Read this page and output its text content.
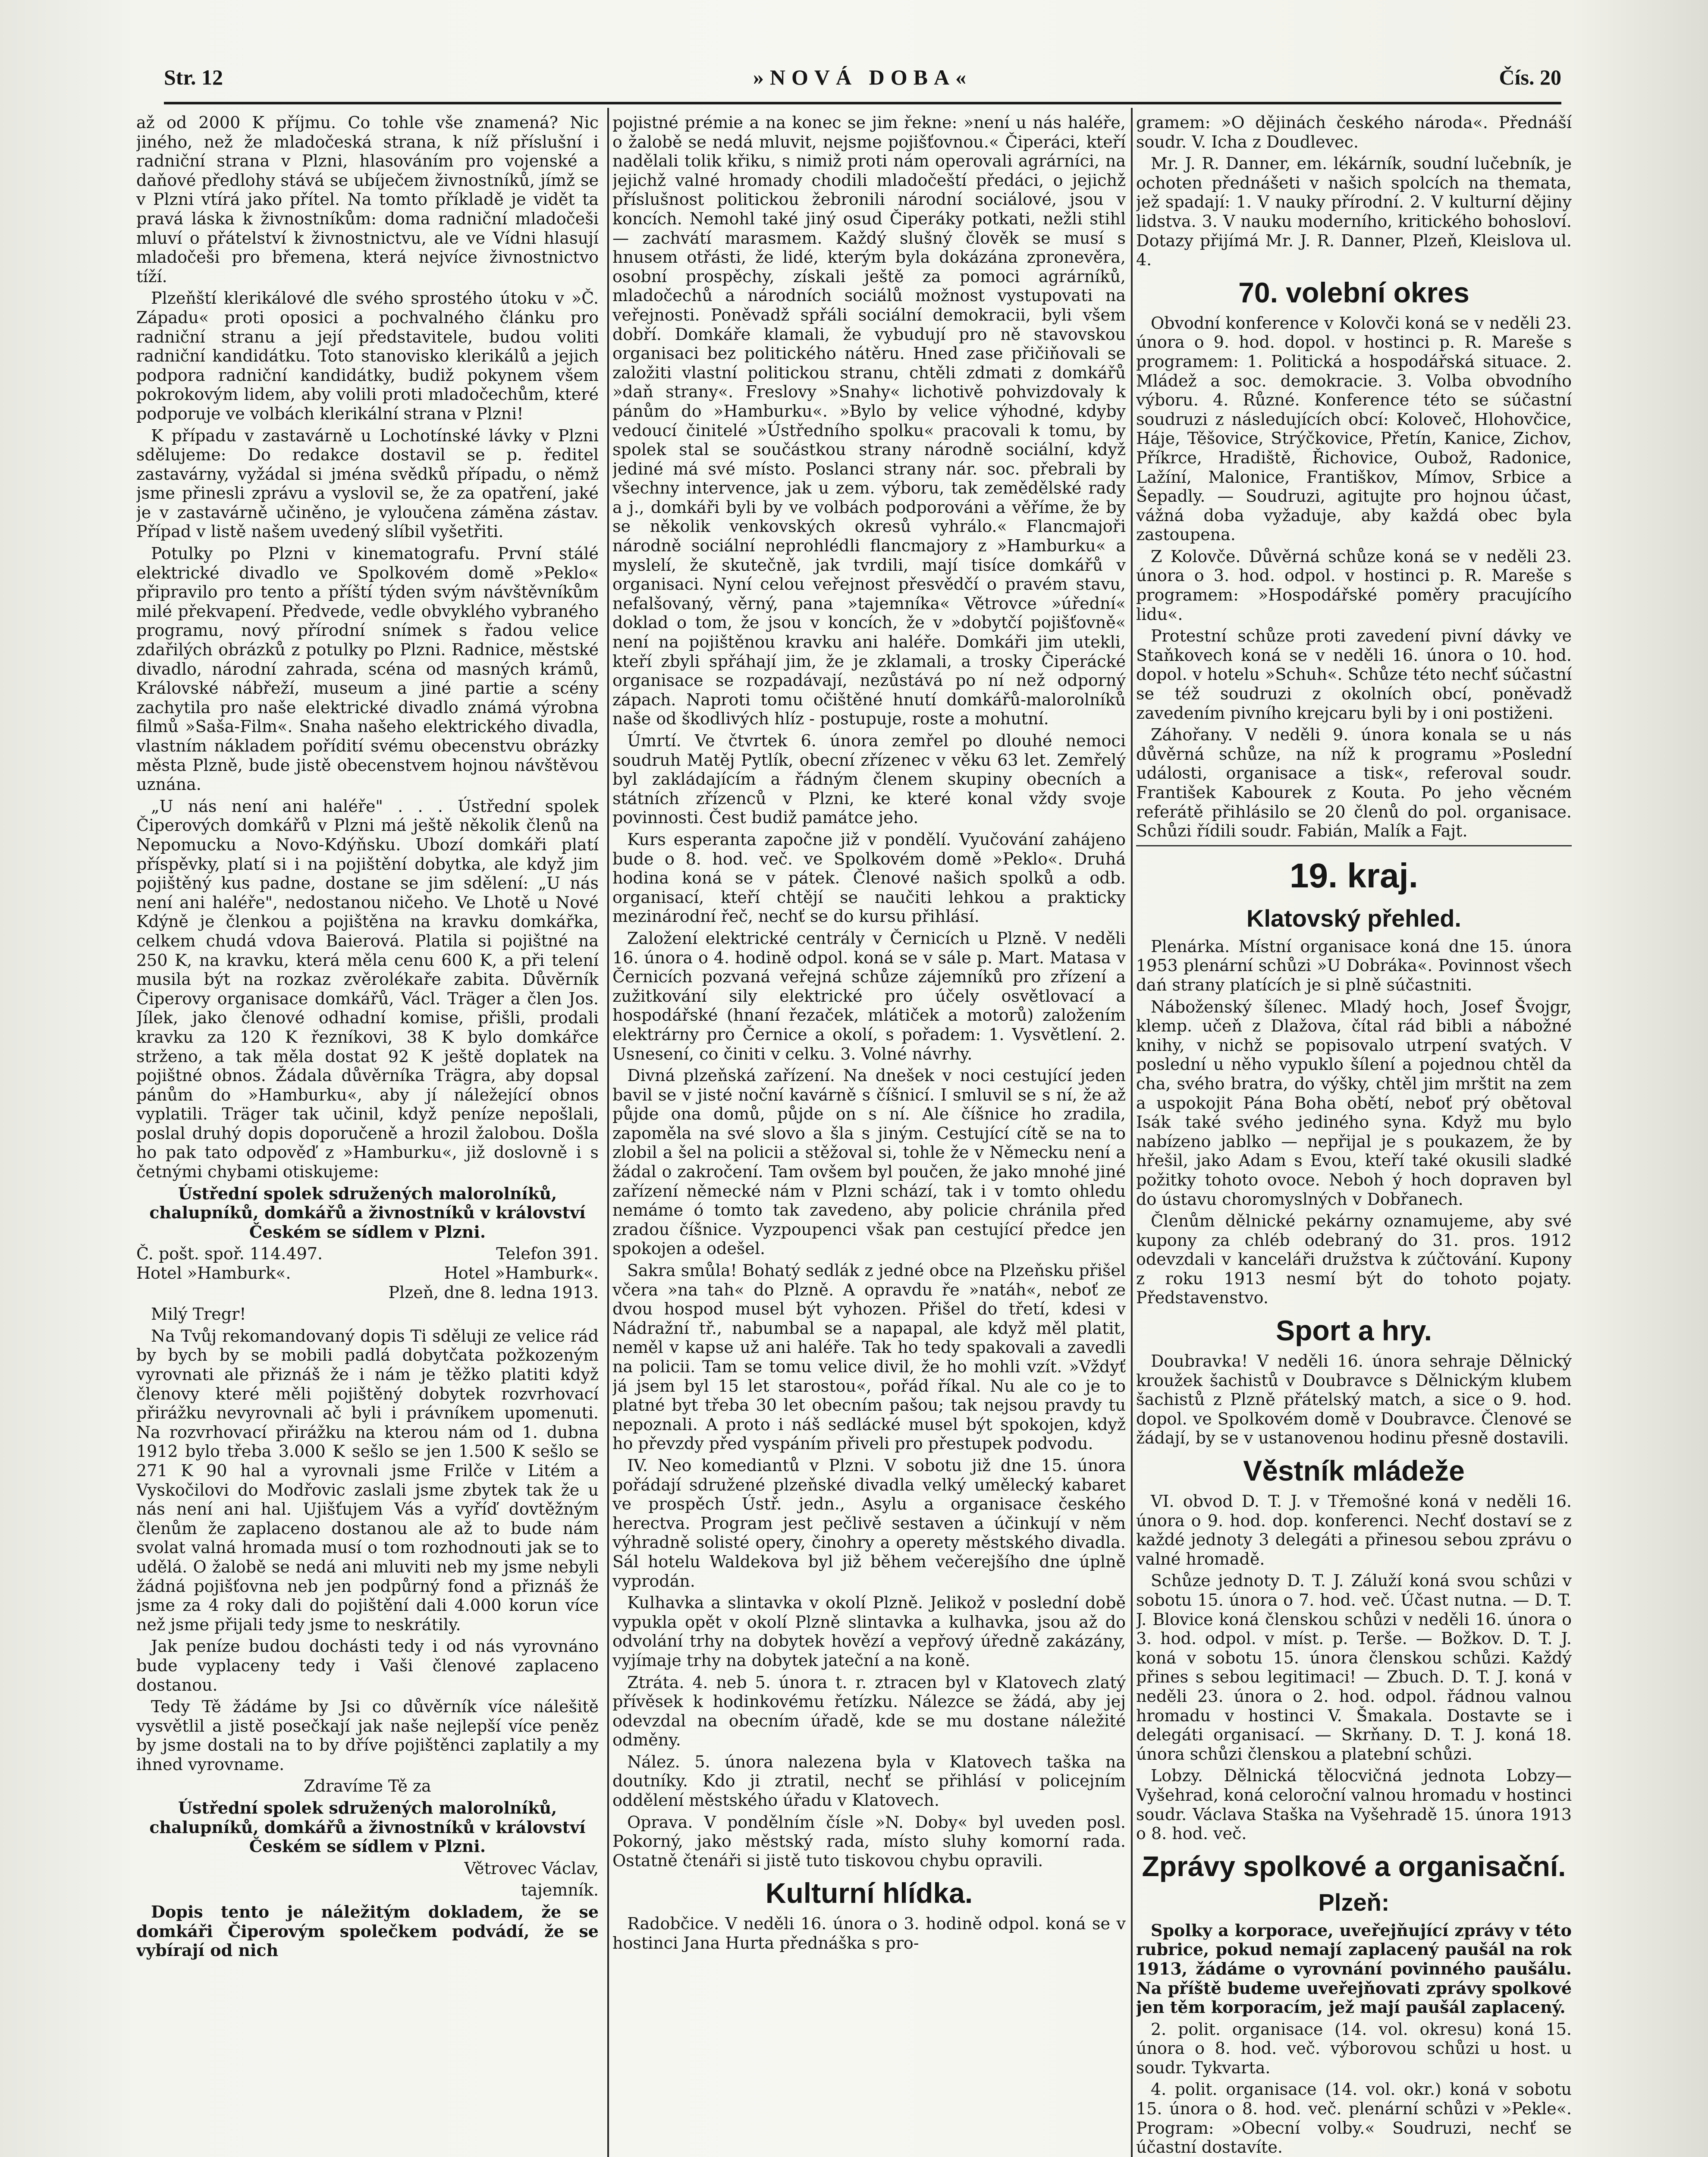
Str. 12	»NOVÁ DOBA«	Čís. 20

až od 2000 K příjmu. Co tohle vše znamená? Nic jiného, než že mladočeská strana, k níž příslušní i radniční strana v Plzni, hlasováním pro vojenské a daňové předlohy stává se ubíječem živnostníků, jímž se v Plzni vtírá jako přítel. Na tomto příkladě je vidět ta pravá láska k živnostníkům: doma radniční mladočeši mluví o přátelství k živnostnictvu, ale ve Vídni hlasují mladočeši pro břemena, která nejvíce živnostnictvo tíží.

Plzeňští klerikálové dle svého sprostého útoku v »Č. Západu« proti oposici a pochvalného článku pro radniční stranu a její představitele, budou voliti radniční kandidátku. Toto stanovisko klerikálů a jejich podpora radniční kandidátky, budiž pokynem všem pokrokovým lidem, aby volili proti mladočechům, které podporuje ve volbách klerikální strana v Plzni!

K případu v zastavárně u Lochotínské lávky v Plzni sdělujeme: Do redakce dostavil se p. ředitel zastavárny, vyžádal si jména svědků případu, o němž jsme přinesli zprávu a vyslovil se, že za opatření, jaké je v zastavárně učiněno, je vyloučena záměna zástav. Případ v listě našem uvedený slíbil vyšetřiti.

Potulky po Plzni v kinematografu. První stálé elektrické divadlo ve Spolkovém domě »Peklo« připravilo pro tento a příští týden svým návštěvníkům milé překvapení. Předvede, vedle obvyklého vybraného programu, nový přírodní snímek s řadou velice zdařilých obrázků z potulky po Plzni. Radnice, městské divadlo, národní zahrada, scéna od masných krámů, Královské nábřeží, museum a jiné partie a scény zachytila pro naše elektrické divadlo známá výrobna filmů »Saša-Film«. Snaha našeho elektrického divadla, vlastním nákladem pořídití svému obecenstvu obrázky města Plzně, bude jistě obecenstvem hojnou návštěvou uznána.

„U nás není ani haléře" . . . Ústřední spolek Čiperových domkářů v Plzni má ještě několik členů na Nepomucku a Novo-Kdýňsku. Ubozí domkáři platí příspěvky, platí si i na pojištění dobytka, ale když jim pojištěný kus padne, dostane se jim sdělení: „U nás není ani haléře", nedostanou ničeho. Ve Lhotě u Nové Kdýně je členkou a pojištěna na kravku domkářka, celkem chudá vdova Baierová. Platila si pojištné na 250 K, na kravku, která měla cenu 600 K, a při telení musila být na rozkaz zvěrolékaře zabita. Důvěrník Čiperovy organisace domkářů, Václ. Träger a člen Jos. Jílek, jako členové odhadní komise, přišli, prodali kravku za 120 K řezníkovi, 38 K bylo domkářce strženo, a tak měla dostat 92 K ještě doplatek na pojištné obnos. Žádala důvěrníka Trägra, aby dopsal pánům do »Hamburku«, aby jí náležející obnos vyplatili. Träger tak učinil, když peníze nepošlali, poslal druhý dopis doporučeně a hrozil žalobou. Došla ho pak tato odpověď z »Hamburku«, již doslovně i s četnými chybami otiskujeme:

Ústřední spolek sdružených malorolníků, chalupníků, domkářů a živnostníků v království Českém se sídlem v Plzni.

Č. pošt. spoř. 114.497.	Telefon 391.
Hotel »Hamburk«.	Hotel »Hamburk«.

Plzeň, dne 8. ledna 1913.

Milý Tregr!

Na Tvůj rekomandovaný dopis Ti sděluji ze velice rád by bych by se mobili padlá dobytčata požkozeným vyrovnati ale přiznáš že i nám je těžko platiti když členovy které měli pojištěný dobytek rozvrhovací přirážku nevyrovnali ač byli i právníkem upomenuti. Na rozvrhovací přirážku na kterou nám od 1. dubna 1912 bylo třeba 3.000 K sešlo se jen 1.500 K sešlo se 271 K 90 hal a vyrovnali jsme Frilče v Litém a Vyskočilovi do Modřovic zaslali jsme zbytek tak že u nás není ani hal. Ujišťujem Vás a vyříď dovtěžným členům že zaplaceno dostanou ale až to bude nám svolat valná hromada musí o tom rozhodnouti jak se to udělá. O žalobě se nedá ani mluviti neb my jsme nebyli žádná pojišťovna neb jen podpůrný fond a přiznáš že jsme za 4 roky dali do pojištění dali 4.000 korun více než jsme přijali tedy jsme to neskrátily.

Jak peníze budou dochásti tedy i od nás vyrovnáno bude vyplaceny tedy i Vaši členové zaplaceno dostanou.

Tedy Tě žádáme by Jsi co důvěrník více nálešitě vysvětlil a jistě posečkají jak naše nejlepší více peněz by jsme dostali na to by dříve pojištěnci zaplatily a my ihned vyrovname.

Zdravíme Tě za

Ústřední spolek sdružených malorolníků, chalupníků, domkářů a živnostníků v království Českém se sídlem v Plzni.

Větrovec Václav,

tajemník.

Dopis tento je náležitým dokladem, že se domkáři Čiperovým společkem podvádí, že se vybírají od nich

pojistné prémie a na konec se jim řekne: »není u nás haléře, o žalobě se nedá mluvit, nejsme pojišťovnou.« Čiperáci, kteří nadělali tolik křiku, s nimiž proti nám operovali agrárníci, na jejichž valné hromady chodili mladočeští předáci, o jejichž příslušnost politickou žebronili národní sociálové, jsou v koncích. Nemohl také jiný osud Čiperáky potkati, nežli stihl — zachvátí marasmem. Každý slušný člověk se musí s hnusem otřásti, že lidé, kterým byla dokázána zpronevěra, osobní prospěchy, získali ještě za pomoci agrárníků, mladočechů a národních sociálů možnost vystupovati na veřejnosti. Poněvadž spřáli sociální demokracii, byli všem dobří. Domkáře klamali, že vybudují pro ně stavovskou organisaci bez politického nátěru. Hned zase přičiňovali se založiti vlastní politickou stranu, chtěli zdmati z domkářů »daň strany«. Freslovy »Snahy« lichotivě pohvizdovaly k pánům do »Hamburku«. »Bylo by velice výhodné, kdyby vedoucí činitelé »Ústředního spolku« pracovali k tomu, by spolek stal se součástkou strany národně sociální, když jediné má své místo. Poslanci strany nár. soc. přebrali by všechny intervence, jak u zem. výboru, tak zemědělské rady a j., domkáři byli by ve volbách podporováni a věříme, že by se několik venkovských okresů vyhrálo.« Flancmajoři národně sociální neprohlédli flancmajory z »Hamburku« a myslelí, že skutečně, jak tvrdili, mají tisíce domkářů v organisaci. Nyní celou veřejnost přesvědčí o pravém stavu, nefalšovaný, věrný, pana »tajemníka« Větrovce »úřední« doklad o tom, že jsou v koncích, že v »dobytčí pojišťovně« není na pojištěnou kravku ani haléře. Domkáři jim utekli, kteří zbyli spřáhají jim, že je zklamali, a trosky Čiperácké organisace se rozpadávají, nezůstává po ní než odporný zápach. Naproti tomu očištěné hnutí domkářů-malorolníků naše od škodlivých hlíz - postupuje, roste a mohutní.

Úmrtí. Ve čtvrtek 6. února zemřel po dlouhé nemoci soudruh Matěj Pytlík, obecní zřízenec v věku 63 let. Zemřelý byl zakládajícím a řádným členem skupiny obecních a státních zřízenců v Plzni, ke které konal vždy svoje povinnosti. Čest budiž památce jeho.

Kurs esperanta započne již v pondělí. Vyučování zahájeno bude o 8. hod. več. ve Spolkovém domě »Peklo«. Druhá hodina koná se v pátek. Členové našich spolků a odb. organisací, kteří chtějí se naučiti lehkou a prakticky mezinárodní řeč, nechť se do kursu přihlásí.

Založení elektrické centrály v Černicích u Plzně. V neděli 16. února o 4. hodině odpol. koná se v sále p. Mart. Matasa v Černicích pozvaná veřejná schůze zájemníků pro zřízení a zužitkování sily elektrické pro účely osvětlovací a hospodářské (hnaní řezaček, mlátiček a motorů) založením elektrárny pro Černice a okolí, s pořadem: 1. Vysvětlení. 2. Usnesení, co činiti v celku. 3. Volné návrhy.

Divná plzeňská zařízení. Na dnešek v noci cestující jeden bavil se v jisté noční kavárně s číšnicí. I smluvil se s ní, že až půjde ona domů, půjde on s ní. Ale číšnice ho zradila, zapoměla na své slovo a šla s jiným. Cestující cítě se na to zlobil a šel na policii a stěžoval si, tohle že v Německu není a žádal o zakročení. Tam ovšem byl poučen, že jako mnohé jiné zařízení německé nám v Plzni schází, tak i v tomto ohledu nemáme ó tomto tak zavedeno, aby policie chránila před zradou číšnice. Vyzpoupenci však pan cestující předce jen spokojen a odešel.

Sakra smůla! Bohatý sedlák z jedné obce na Plzeňsku přišel včera »na tah« do Plzně. A opravdu ře »natáh«, neboť ze dvou hospod musel být vyhozen. Přišel do třetí, kdesi v Nádražní tř., nabumbal se a napapal, ale když měl platit, neměl v kapse už ani haléře. Tak ho tedy spakovali a zavedli na policii. Tam se tomu velice divil, že ho mohli vzít. »Vždyť já jsem byl 15 let starostou«, pořád říkal. Nu ale co je to platné byt třeba 30 let obecním pašou; tak nejsou pravdy tu nepoznali. A proto i náš sedlácké musel být spokojen, když ho převzdy před vyspáním přiveli pro přestupek podvodu.

IV. Neo komediantů v Plzni. V sobotu již dne 15. února pořádají sdružené plzeňské divadla velký umělecký kabaret ve prospěch Ústř. jedn., Asylu a organisace českého herectva. Program jest pečlivě sestaven a účinkují v něm výhradně solisté opery, činohry a operety městského divadla. Sál hotelu Waldekova byl již během večerejšího dne úplně vyprodán.

Kulhavka a slintavka v okolí Plzně. Jelikož v poslední době vypukla opět v okolí Plzně slintavka a kulhavka, jsou až do odvolání trhy na dobytek hovězí a vepřový úředně zakázány, vyjímaje trhy na dobytek jateční a na koně.

Ztráta. 4. neb 5. února t. r. ztracen byl v Klatovech zlatý přívěsek k hodinkovému řetízku. Nálezce se žádá, aby jej odevzdal na obecním úřadě, kde se mu dostane náležité odměny.

Nález. 5. února nalezena byla v Klatovech taška na doutníky. Kdo ji ztratil, nechť se přihlásí v policejním oddělení městského úřadu v Klatovech.

Oprava. V pondělním čísle »N. Doby« byl uveden posl. Pokorný, jako městský rada, místo sluhy komorní rada. Ostatně čtenáři si jistě tuto tiskovou chybu opravili.

Kulturní hlídka.

Radobčice. V neděli 16. února o 3. hodině odpol. koná se v hostinci Jana Hurta přednáška s pro-

gramem: »O dějinách českého národa«. Přednáší soudr. V. Icha z Doudlevec.

Mr. J. R. Danner, em. lékárník, soudní lučebník, je ochoten přednášeti v našich spolcích na themata, jež spadají: 1. V nauky přírodní. 2. V kulturní dějiny lidstva. 3. V nauku moderního, kritického bohosloví. Dotazy přijímá Mr. J. R. Danner, Plzeň, Kleislova ul. 4.

70. volební okres

Obvodní konference v Kolovči koná se v neděli 23. února o 9. hod. dopol. v hostinci p. R. Mareše s programem: 1. Politická a hospodářská situace. 2. Mládež a soc. demokracie. 3. Volba obvodního výboru. 4. Různé. Konference této se súčastní soudruzi z následujících obcí: Koloveč, Hlohovčice, Háje, Těšovice, Strýčkovice, Přetín, Kanice, Zichov, Příkrce, Hradiště, Řichovice, Oubož, Radonice, Lažíní, Malonice, Františkov, Mímov, Srbice a Šepadly. — Soudruzi, agitujte pro hojnou účast, vážná doba vyžaduje, aby každá obec byla zastoupena.

Z Kolovče. Důvěrná schůze koná se v neděli 23. února o 3. hod. odpol. v hostinci p. R. Mareše s programem: »Hospodářské poměry pracujícího lidu«.

Protestní schůze proti zavedení pivní dávky ve Staňkovech koná se v neděli 16. února o 10. hod. dopol. v hotelu »Schuh«. Schůze této nechť súčastní se též soudruzi z okolních obcí, poněvadž zavedením pivního krejcaru byli by i oni postiženi.

Záhořany. V neděli 9. února konala se u nás důvěrná schůze, na níž k programu »Poslední události, organisace a tisk«, referoval soudr. František Kabourek z Kouta. Po jeho věcném referátě přihlásilo se 20 členů do pol. organisace. Schůzi řídili soudr. Fabián, Malík a Fajt.

19. kraj.
Klatovský přehled.

Plenárka. Místní organisace koná dne 15. února 1953 plenární schůzi »U Dobráka«. Povinnost všech dań strany platících je si plně súčastniti.

Náboženský šílenec. Mladý hoch, Josef Švojgr, klemp. učeň z Dlažova, čítal rád bibli a nábožné knihy, v nichž se popisovalo utrpení svatých. V poslední u něho vypuklo šílení a pojednou chtěl da cha, svého bratra, do výšky, chtěl jim mrštit na zem a uspokojit Pána Boha obětí, neboť prý obětoval Isák také svého jediného syna. Když mu bylo nabízeno jablko — nepřijal je s poukazem, že by hřešil, jako Adam s Evou, kteří také okusili sladké požitky tohoto ovoce. Neboh ý hoch dopraven byl do ústavu choromyslných v Dobřanech.

Členům dělnické pekárny oznamujeme, aby své kupony za chléb odebraný do 31. pros. 1912 odevzdali v kanceláři družstva k zúčtování. Kupony z roku 1913 nesmí být do tohoto pojaty. Představenstvo.

Sport a hry.

Doubravka! V neděli 16. února sehraje Dělnický kroužek šachistů v Doubravce s Dělnickým klubem šachistů z Plzně přátelský match, a sice o 9. hod. dopol. ve Spolkovém domě v Doubravce. Členové se žádají, by se v ustanovenou hodinu přesně dostavili.

Věstník mládeže

VI. obvod D. T. J. v Třemošné koná v neděli 16. února o 9. hod. dop. konferenci. Nechť dostaví se z každé jednoty 3 delegáti a přinesou sebou zprávu o valné hromadě.

Schůze jednoty D. T. J. Záluží koná svou schůzi v sobotu 15. února o 7. hod. več. Účast nutna. — D. T. J. Blovice koná členskou schůzi v neděli 16. února o 3. hod. odpol. v míst. p. Terše. — Božkov. D. T. J. koná v sobotu 15. února členskou schůzi. Každý přines s sebou legitimaci! — Zbuch. D. T. J. koná v neděli 23. února o 2. hod. odpol. řádnou valnou hromadu v hostinci V. Šmakala. Dostavte se i delegáti organisací. — Skrňany. D. T. J. koná 18. února schůzi členskou a platební schůzi.

Lobzy. Dělnická tělocvičná jednota Lobzy—Vyšehrad, koná celoroční valnou hromadu v hostinci soudr. Václava Staška na Vyšehradě 15. února 1913 o 8. hod. več.

Zprávy spolkové a organisační.
Plzeň:

Spolky a korporace, uveřejňující zprávy v této rubrice, pokud nemají zaplacený paušál na rok 1913, žádáme o vyrovnání povinného paušálu. Na příště budeme uveřejňovati zprávy spolkové jen těm korporacím, jež mají paušál zaplacený.

2. polit. organisace (14. vol. okresu) koná 15. února o 8. hod. več. výborovou schůzi u host. u soudr. Tykvarta.

4. polit. organisace (14. vol. okr.) koná v sobotu 15. února o 8. hod. več. plenární schůzi v »Pekle«. Program: »Obecní volby.« Soudruzi, nechť se účastní dostavíte.
